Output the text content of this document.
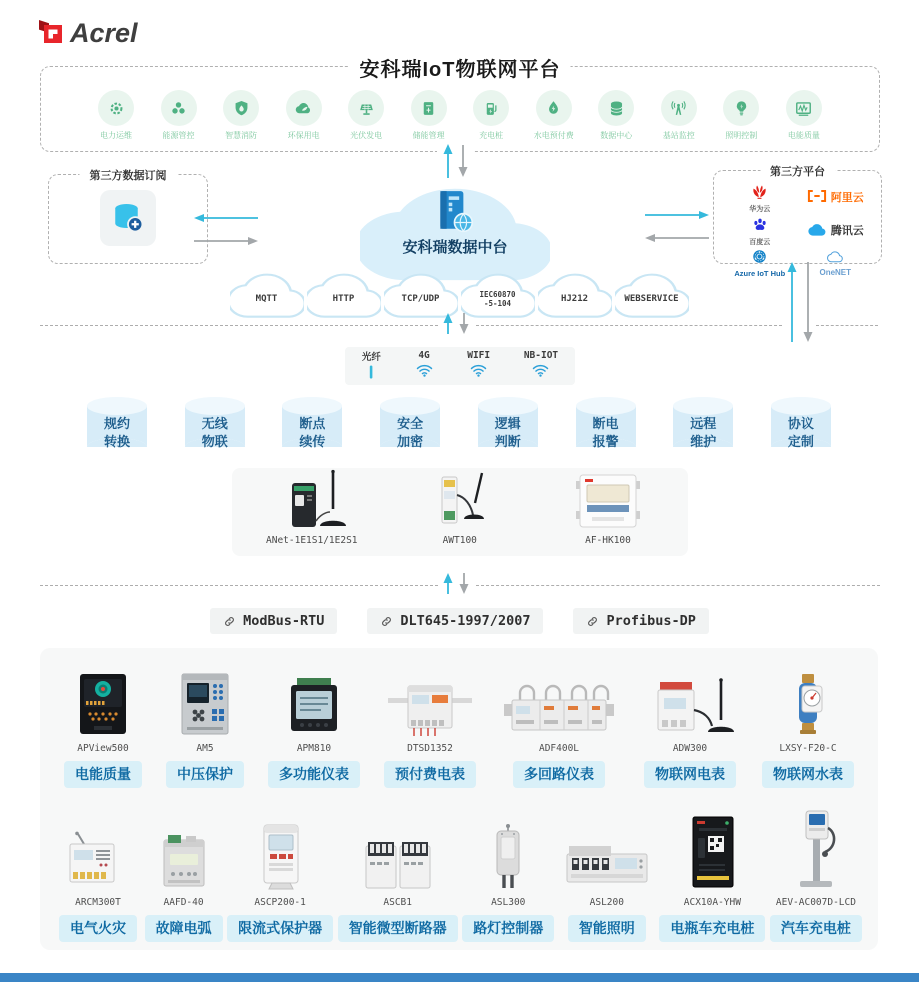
Acrel
安科瑞IoT物联网平台
电力运维	能源管控	智慧消防	环保用电	光伏发电	储能管理	充电桩	水电预付费	数据中心	基站监控	照明控制	电能质量
第三方数据订阅
安科瑞数据中台
第三方平台
华为云
阿里云
百度云
腾讯云
Azure IoT Hub	OneNET
MQTT	HTTP	TCP/UDP	IEC60870
-5-104	HJ212	WEBSERVICE
光纤	4G	WIFI	NB-IOT
规约
转换
无线
物联
断点
续传
安全
加密
逻辑
判断
断电
报警
远程
维护
协议
定制
ANet-1E1S1/1E2S1	AWT100	AF-HK100
ModBus-RTU	DLT645-1997/2007	Profibus-DP
APView500
电能质量
AM5
中压保护
APM810
多功能仪表
DTSD1352
预付费电表
ADF400L
多回路仪表
ADW300
物联网电表
LXSY-F20-C
物联网水表
ARCM300T
电气火灾
AAFD-40
故障电弧
ASCP200-1
限流式保护器
ASCB1
智能微型断路器
ASL300
路灯控制器
ASL200
智能照明
ACX10A-YHW
电瓶车充电桩
AEV-AC007D-LCD
汽车充电桩
